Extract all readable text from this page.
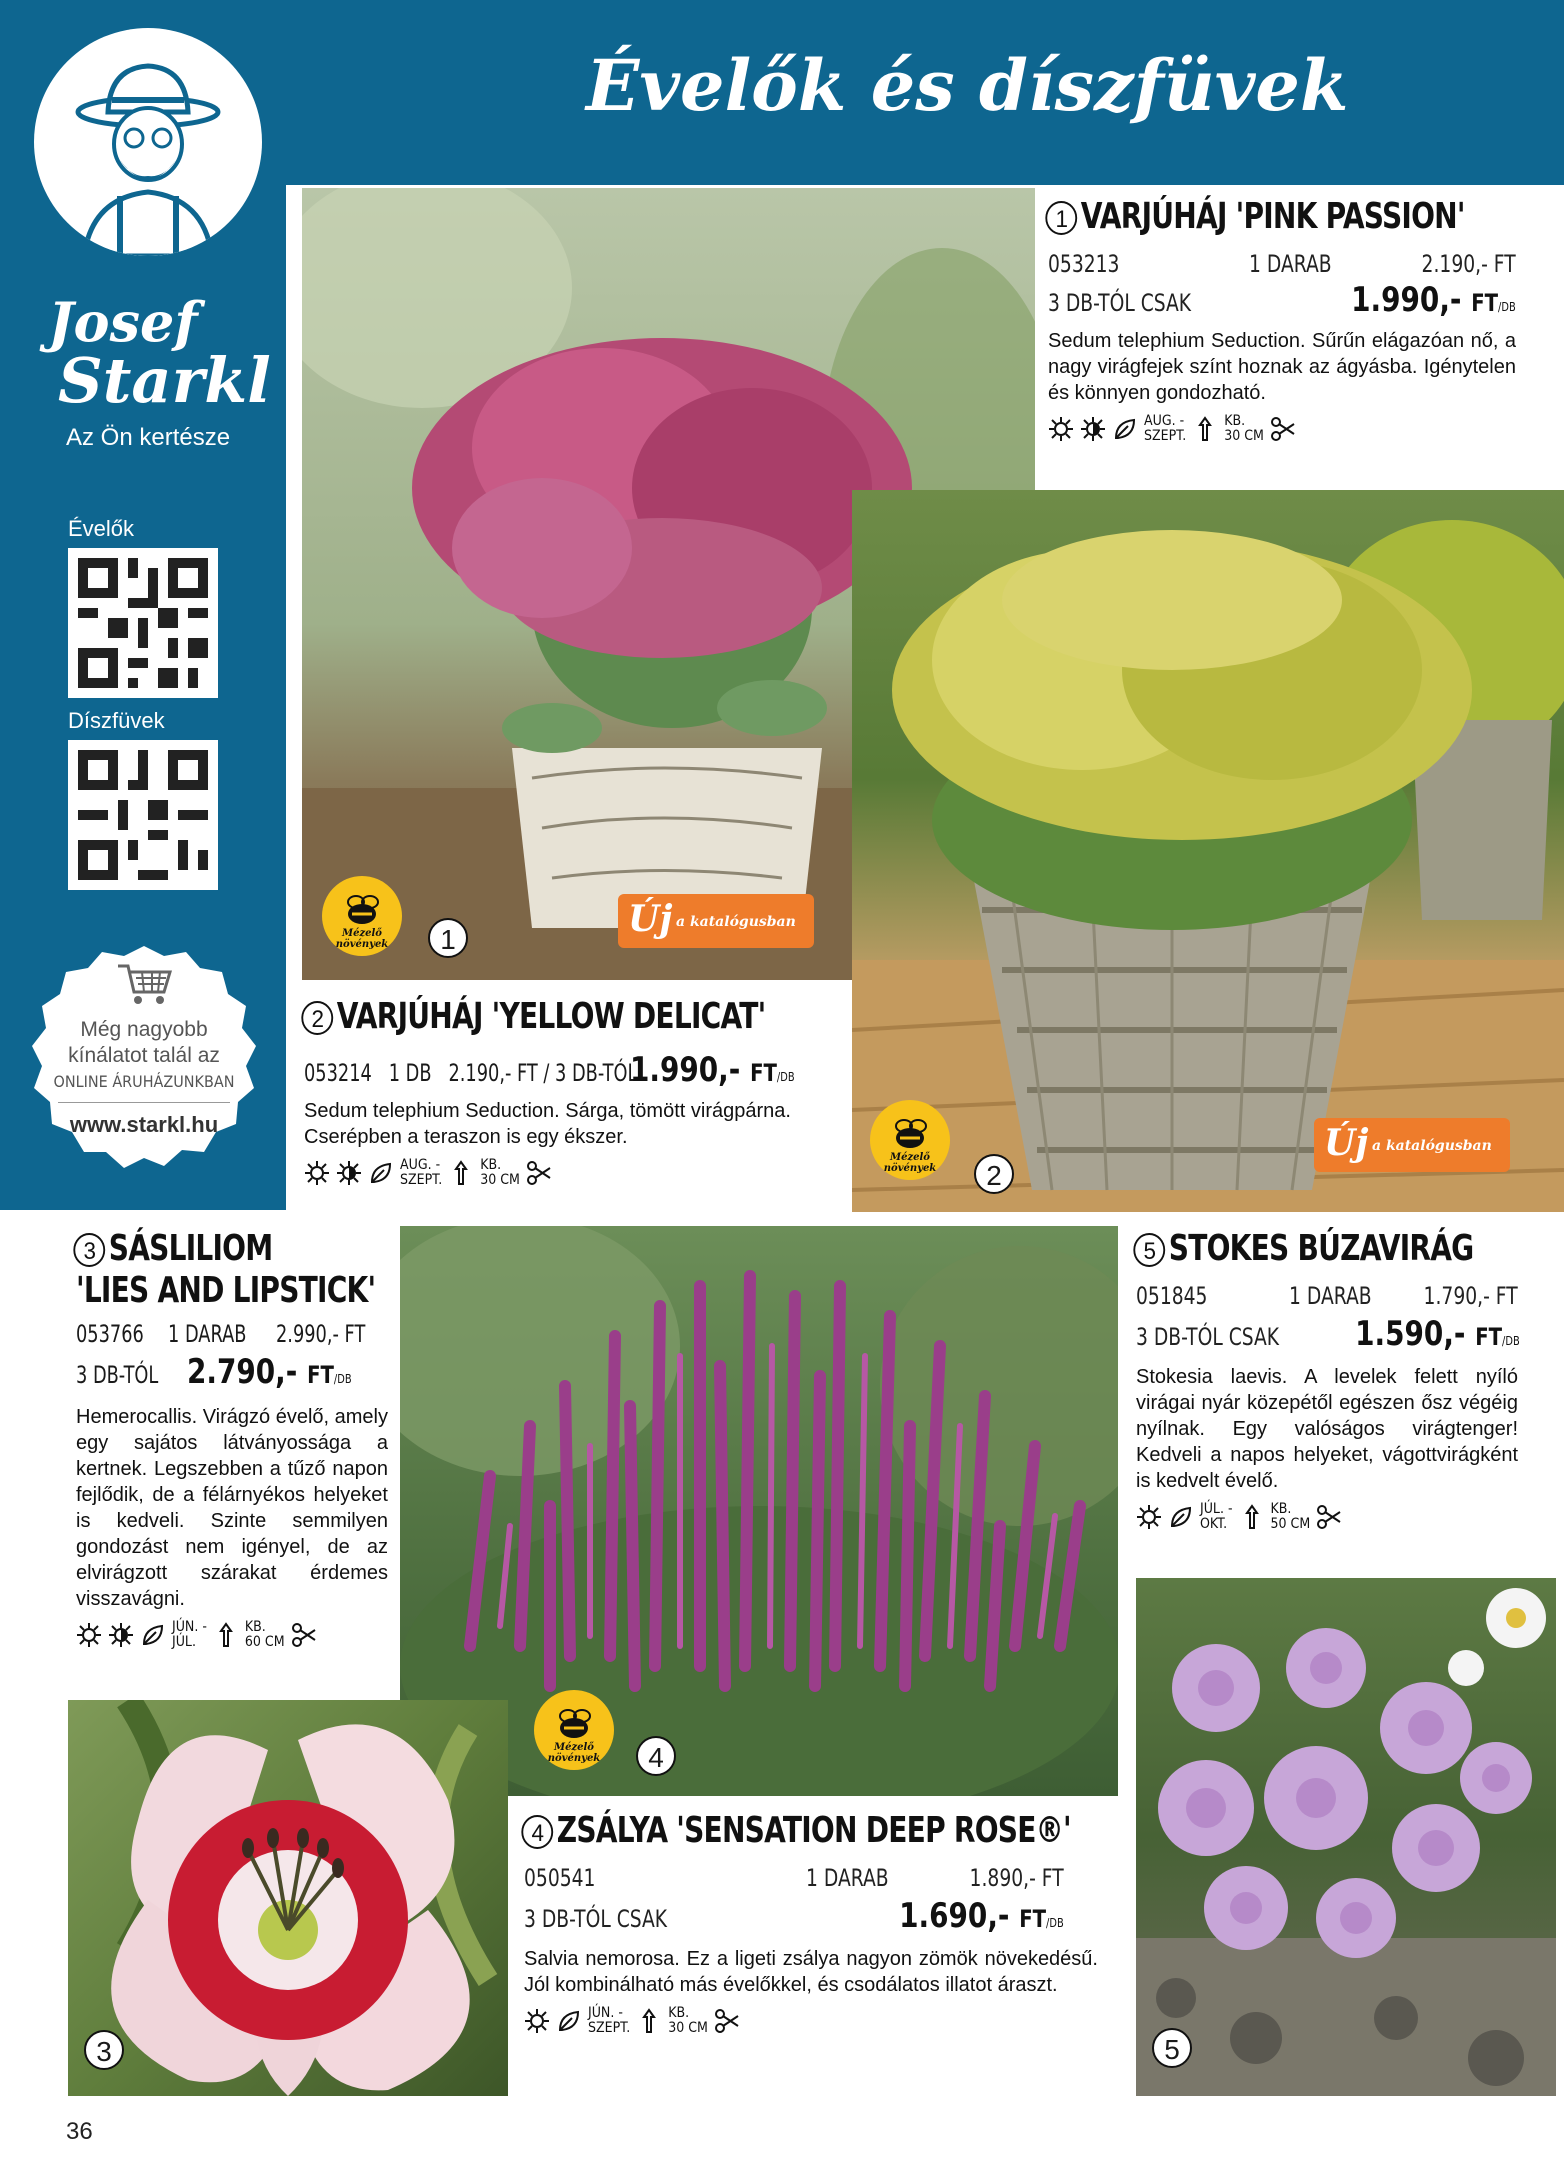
Évelők és díszfüvek
Josef
Starkl
Az Ön kertésze
Évelők
Díszfüvek
Még nagyobb
kínálatot talál az
ONLINE ÁRUHÁZUNKBAN
www.starkl.hu
1 VARJÚHÁJ 'PINK PASSION'
053213	1 DARAB	2.190,- FT
3 DB-TÓL CSAK	1.990,- FT/DB
Sedum telephium Seduction. Sűrűn elágazóan nő, a nagy virágfejek színt hoznak az ágyásba. Igénytelen és könnyen gondozható.
AUG. -
SZEPT.
KB.
30 CM
Mézelő
növények	1	Új a katalógusban
2 VARJÚHÁJ 'YELLOW DELICAT'
053214   1 DB   2.190,- FT / 3 DB-TÓL
1.990,- FT/DB
Sedum telephium Seduction. Sárga, tömött virágpárna. Cserépben a teraszon is egy ékszer.
AUG. -
SZEPT.
KB.
30 CM
Mézelő
növények	2
Új a katalógusban
3 SÁSLILIOM
'LIES AND LIPSTICK'
053766 1 DARAB 2.990,- FT
3 DB-TÓL 2.790,- FT/DB
Hemerocallis. Virágzó évelő, amely egy sajátos látványossága a kertnek. Legszebben a tűző napon fejlődik, de a félárnyékos helyeket is kedveli. Szinte semmilyen gondozást nem igényel, de az elvirágzott szárakat érdemes visszavágni.
JÚN. -
JÚL.
KB.
60 CM
Mézelő
növények	4
4 ZSÁLYA 'SENSATION DEEP ROSE®'
050541	1 DARAB	1.890,- FT
3 DB-TÓL CSAK	1.690,- FT/DB
Salvia nemorosa. Ez a ligeti zsálya nagyon zömök növekedésű. Jól kombinálható más évelőkkel, és csodálatos illatot áraszt.
JÚN. -
SZEPT.
KB.
30 CM
3
5 STOKES BÚZAVIRÁG
051845	1 DARAB 1.790,- FT
3 DB-TÓL CSAK 1.590,- FT/DB
Stokesia laevis. A levelek felett nyíló virágai nyár közepétől egészen ősz végéig nyílnak. Egy valóságos virágtenger! Kedveli a napos helyeket, vágottvirágként is kedvelt évelő.
JÚL. -
OKT.
KB.
50 CM
5
36
